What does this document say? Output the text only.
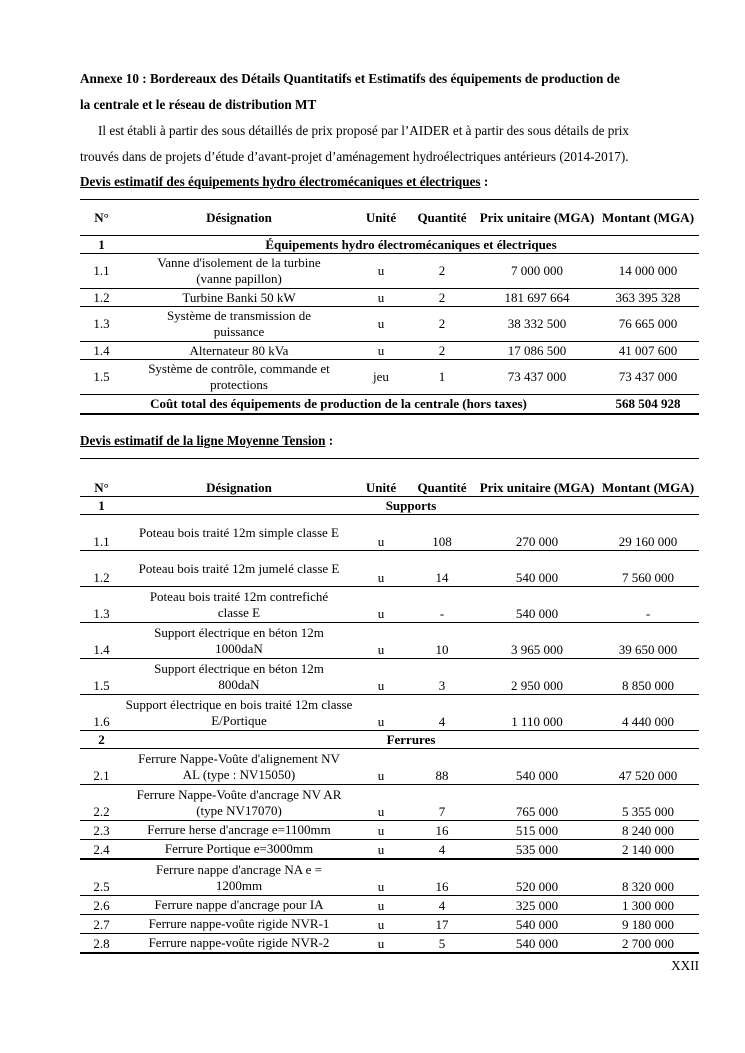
Annexe 10 : Bordereaux des Détails Quantitatifs et Estimatifs des équipements de production de
la centrale et le réseau de distribution MT
Il est établi à partir des sous détaillés de prix proposé par l’AIDER et à partir des sous détails de prix
trouvés dans de projets d’étude d’avant-projet d’aménagement hydroélectriques antérieurs (2014-2017).
Devis estimatif des équipements hydro électromécaniques et électriques :
N°	Désignation	Unité	Quantité	Prix unitaire (MGA)	Montant (MGA)
1	Équipements hydro électromécaniques et électriques				
1.1	Vanne d'isolement de la turbine (vanne papillon)	u	2	7 000 000	14 000 000
1.2	Turbine Banki 50 kW	u	2	181 697 664	363 395 328
1.3	Système de transmission de puissance	u	2	38 332 500	76 665 000
1.4	Alternateur 80 kVa	u	2	17 086 500	41 007 600
1.5	Système de contrôle, commande et protections	jeu	1	73 437 000	73 437 000
Coût total des équipements de production de la centrale (hors taxes)					568 504 928
Devis estimatif de la ligne Moyenne Tension :
N°	Désignation	Unité	Quantité	Prix unitaire (MGA)	Montant (MGA)
1	Supports				
1.1	Poteau bois traité 12m simple classe E	u	108	270 000	29 160 000
1.2	Poteau bois traité 12m jumelé classe E	u	14	540 000	7 560 000
1.3	Poteau bois traité 12m contrefiché classe E	u	-	540 000	-
1.4	Support électrique en béton 12m 1000daN	u	10	3 965 000	39 650 000
1.5	Support électrique en béton 12m 800daN	u	3	2 950 000	8 850 000
1.6	Support électrique en bois traité 12m classe E/Portique	u	4	1 110 000	4 440 000
2	Ferrures				
2.1	Ferrure Nappe-Voûte d'alignement NV AL (type : NV15050)	u	88	540 000	47 520 000
2.2	Ferrure Nappe-Voûte d'ancrage NV AR (type NV17070)	u	7	765 000	5 355 000
2.3	Ferrure herse d'ancrage e=1100mm	u	16	515 000	8 240 000
2.4	Ferrure Portique e=3000mm	u	4	535 000	2 140 000
2.5	Ferrure nappe d'ancrage NA e = 1200mm	u	16	520 000	8 320 000
2.6	Ferrure nappe d'ancrage pour IA	u	4	325 000	1 300 000
2.7	Ferrure nappe-voûte rigide NVR-1	u	17	540 000	9 180 000
2.8	Ferrure nappe-voûte rigide NVR-2	u	5	540 000	2 700 000
XXII
